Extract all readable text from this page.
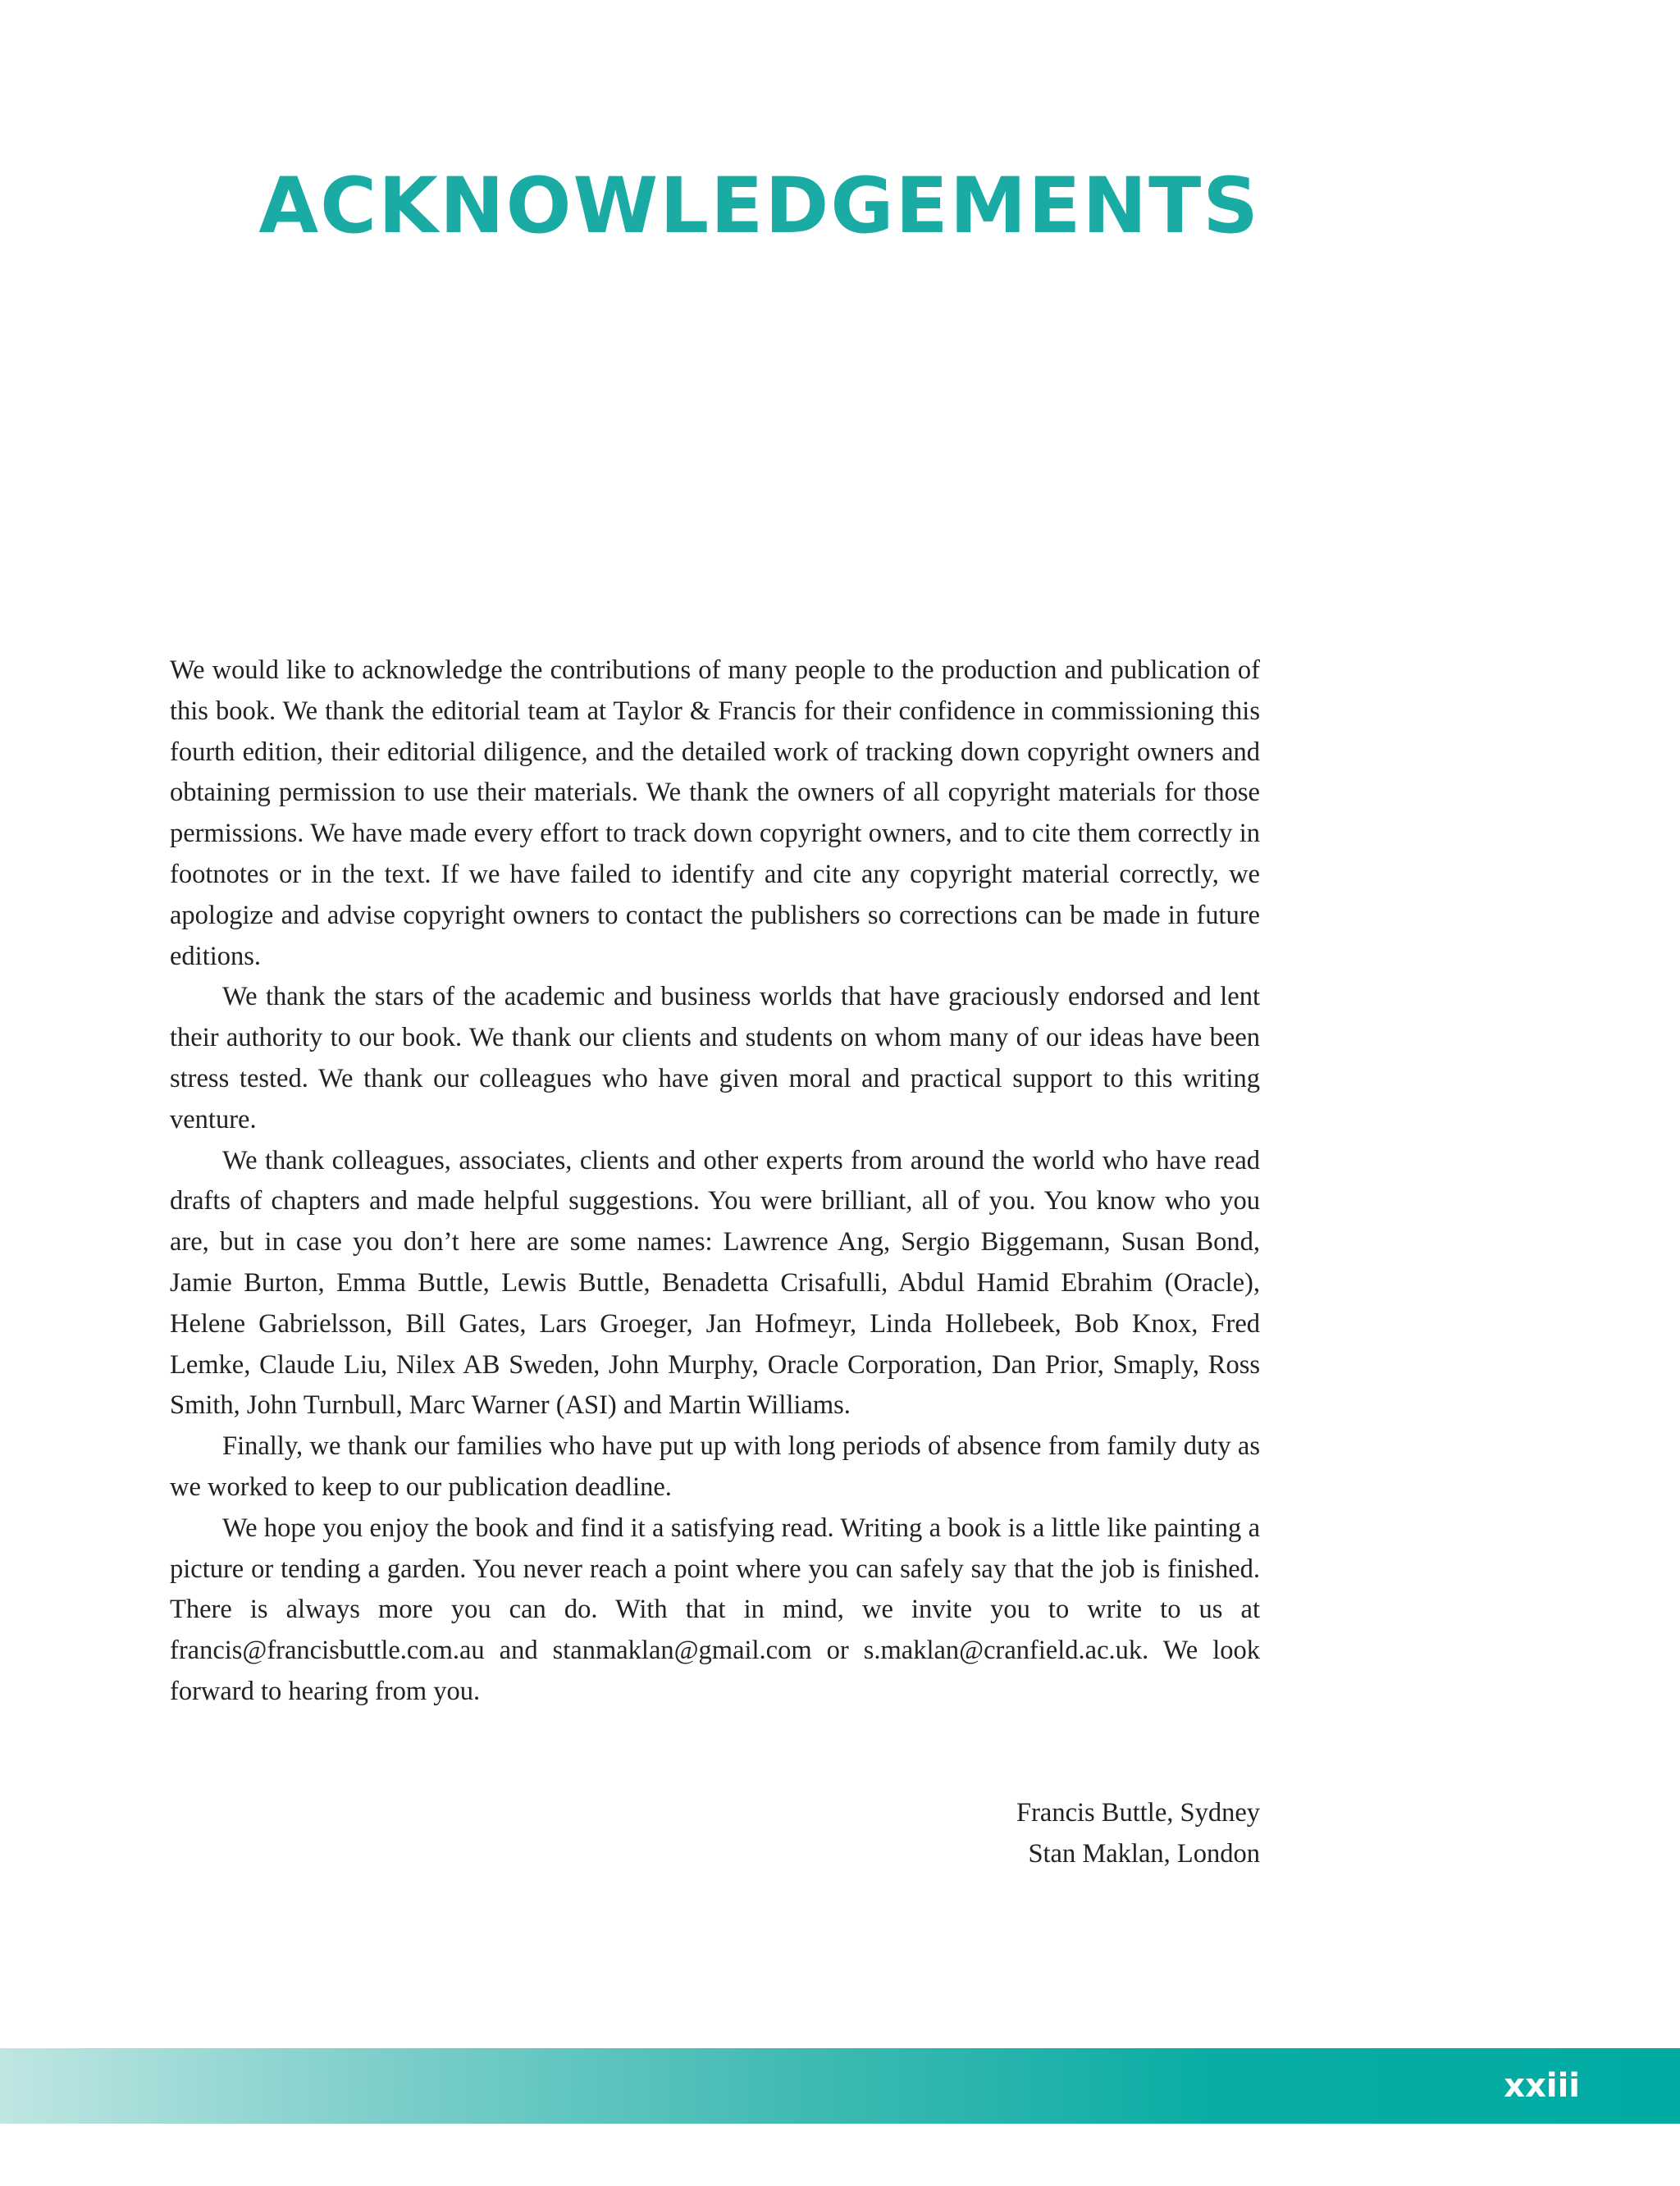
ACKNOWLEDGEMENTS

We would like to acknowledge the contributions of many people to the production and publication of this book. We thank the editorial team at Taylor & Francis for their confidence in commissioning this fourth edition, their editorial diligence, and the detailed work of tracking down copyright owners and obtaining permission to use their materials. We thank the owners of all copyright materials for those permissions. We have made every effort to track down copyright owners, and to cite them correctly in footnotes or in the text. If we have failed to identify and cite any copyright material correctly, we apologize and advise copyright owners to contact the publishers so corrections can be made in future editions.

We thank the stars of the academic and business worlds that have graciously endorsed and lent their authority to our book. We thank our clients and students on whom many of our ideas have been stress tested. We thank our colleagues who have given moral and practical support to this writing venture.

We thank colleagues, associates, clients and other experts from around the world who have read drafts of chapters and made helpful suggestions. You were brilliant, all of you. You know who you are, but in case you don’t here are some names: Lawrence Ang, Sergio Biggemann, Susan Bond, Jamie Burton, Emma Buttle, Lewis Buttle, Benadetta Crisafulli, Abdul Hamid Ebrahim (Oracle), Helene Gabrielsson, Bill Gates, Lars Groeger, Jan Hofmeyr, Linda Hollebeek, Bob Knox, Fred Lemke, Claude Liu, Nilex AB Sweden, John Murphy, Oracle Corporation, Dan Prior, Smaply, Ross Smith, John Turnbull, Marc Warner (ASI) and Martin Williams.

Finally, we thank our families who have put up with long periods of absence from family duty as we worked to keep to our publication deadline.

We hope you enjoy the book and find it a satisfying read. Writing a book is a little like painting a picture or tending a garden. You never reach a point where you can safely say that the job is finished. There is always more you can do. With that in mind, we invite you to write to us at francis@francisbuttle.com.au and stanmaklan@gmail.com or s.maklan@cranfield.ac.uk. We look forward to hearing from you.

Francis Buttle, Sydney
Stan Maklan, London
xxiii
